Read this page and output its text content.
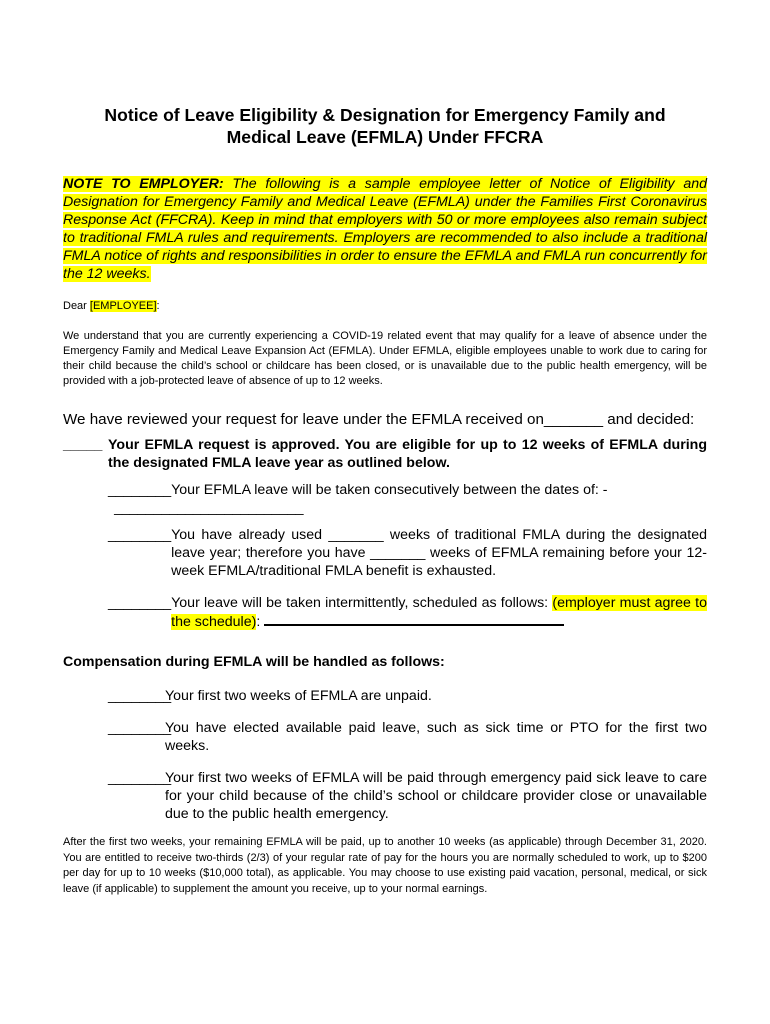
Notice of Leave Eligibility & Designation for Emergency Family and
Medical Leave (EFMLA) Under FFCRA
NOTE TO EMPLOYER: The following is a sample employee letter of Notice of Eligibility and Designation for Emergency Family and Medical Leave (EFMLA) under the Families First Coronavirus Response Act (FFCRA). Keep in mind that employers with 50 or more employees also remain subject to traditional FMLA rules and requirements. Employers are recommended to also include a traditional FMLA notice of rights and responsibilities in order to ensure the EFMLA and FMLA run concurrently for the 12 weeks.
Dear [EMPLOYEE]:
We understand that you are currently experiencing a COVID-19 related event that may qualify for a leave of absence under the Emergency Family and Medical Leave Expansion Act (EFMLA). Under EFMLA, eligible employees unable to work due to caring for their child because the child’s school or childcare has been closed, or is unavailable due to the public health emergency, will be provided with a job-protected leave of absence of up to 12 weeks.
We have reviewed your request for leave under the EFMLA received on_______ and decided:
_____ Your EFMLA request is approved. You are eligible for up to 12 weeks of EFMLA during the designated FMLA leave year as outlined below.
________ Your EFMLA leave will be taken consecutively between the dates of: -
________________________
________ You have already used _______ weeks of traditional FMLA during the designated leave year; therefore you have _______ weeks of EFMLA remaining before your 12-week EFMLA/traditional FMLA benefit is exhausted.
________ Your leave will be taken intermittently, scheduled as follows: (employer must agree to the schedule):
Compensation during EFMLA will be handled as follows:
________
Your first two weeks of EFMLA are unpaid.
________
You have elected available paid leave, such as sick time or PTO for the first two weeks.
________
Your first two weeks of EFMLA will be paid through emergency paid sick leave to care for your child because of the child’s school or childcare provider close or unavailable due to the public health emergency.
After the first two weeks, your remaining EFMLA will be paid, up to another 10 weeks (as applicable) through December 31, 2020. You are entitled to receive two-thirds (2/3) of your regular rate of pay for the hours you are normally scheduled to work, up to $200 per day for up to 10 weeks ($10,000 total), as applicable. You may choose to use existing paid vacation, personal, medical, or sick leave (if applicable) to supplement the amount you receive, up to your normal earnings.
